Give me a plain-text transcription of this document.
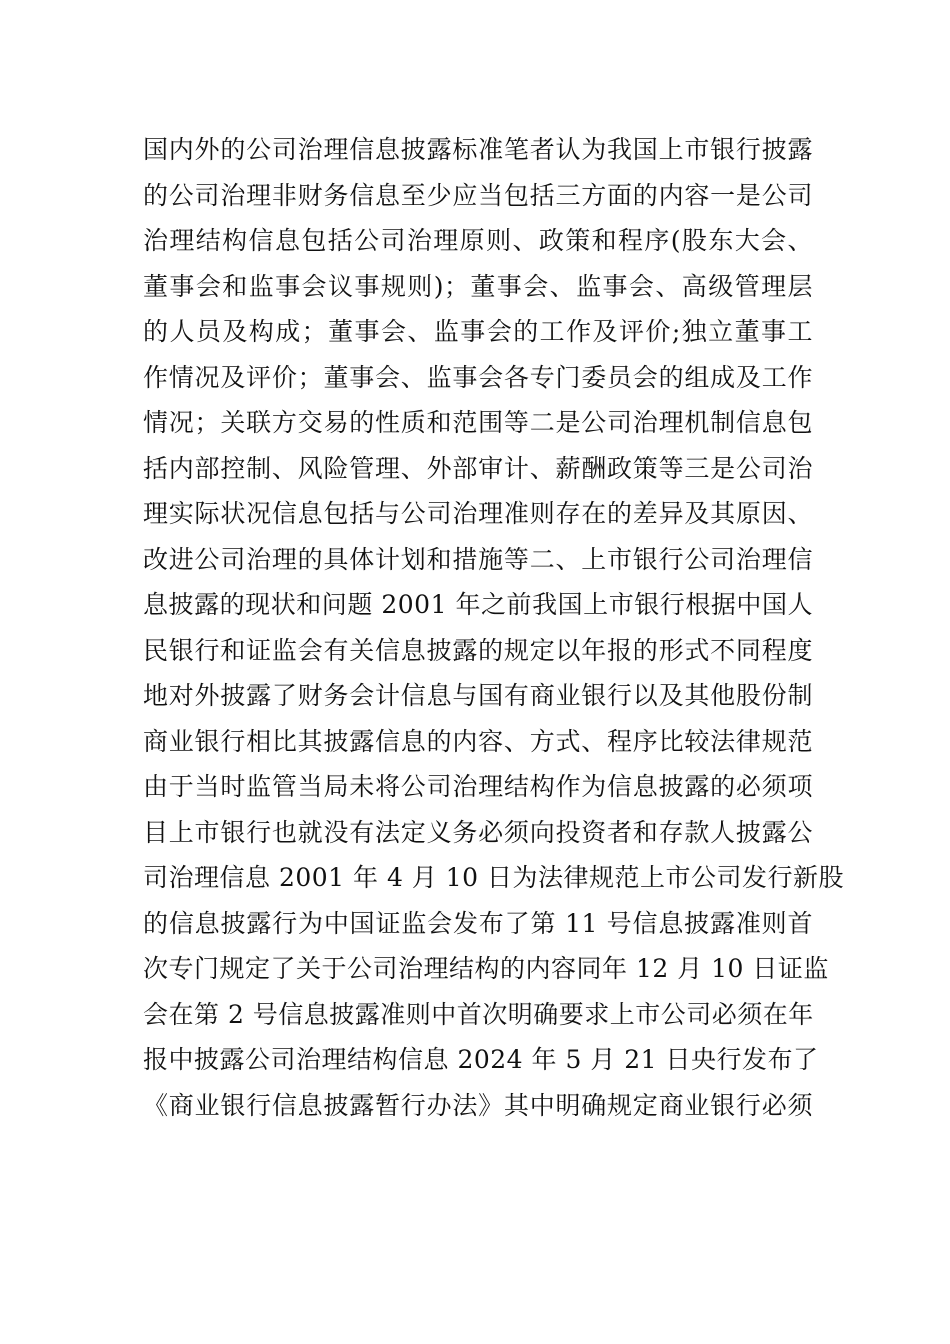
国内外的公司治理信息披露标准笔者认为我国上市银行披露
的公司治理非财务信息至少应当包括三方面的内容一是公司
治理结构信息包括公司治理原则、政策和程序(股东大会、
董事会和监事会议事规则)；董事会、监事会、高级管理层
的人员及构成；董事会、监事会的工作及评价;独立董事工
作情况及评价；董事会、监事会各专门委员会的组成及工作
情况；关联方交易的性质和范围等二是公司治理机制信息包
括内部控制、风险管理、外部审计、薪酬政策等三是公司治
理实际状况信息包括与公司治理准则存在的差异及其原因、
改进公司治理的具体计划和措施等二、上市银行公司治理信
息披露的现状和问题 2001 年之前我国上市银行根据中国人
民银行和证监会有关信息披露的规定以年报的形式不同程度
地对外披露了财务会计信息与国有商业银行以及其他股份制
商业银行相比其披露信息的内容、方式、程序比较法律规范
由于当时监管当局未将公司治理结构作为信息披露的必须项
目上市银行也就没有法定义务必须向投资者和存款人披露公
司治理信息 2001 年 4 月 10 日为法律规范上市公司发行新股
的信息披露行为中国证监会发布了第 11 号信息披露准则首
次专门规定了关于公司治理结构的内容同年 12 月 10 日证监
会在第 2 号信息披露准则中首次明确要求上市公司必须在年
报中披露公司治理结构信息 2024 年 5 月 21 日央行发布了
《商业银行信息披露暂行办法》其中明确规定商业银行必须
